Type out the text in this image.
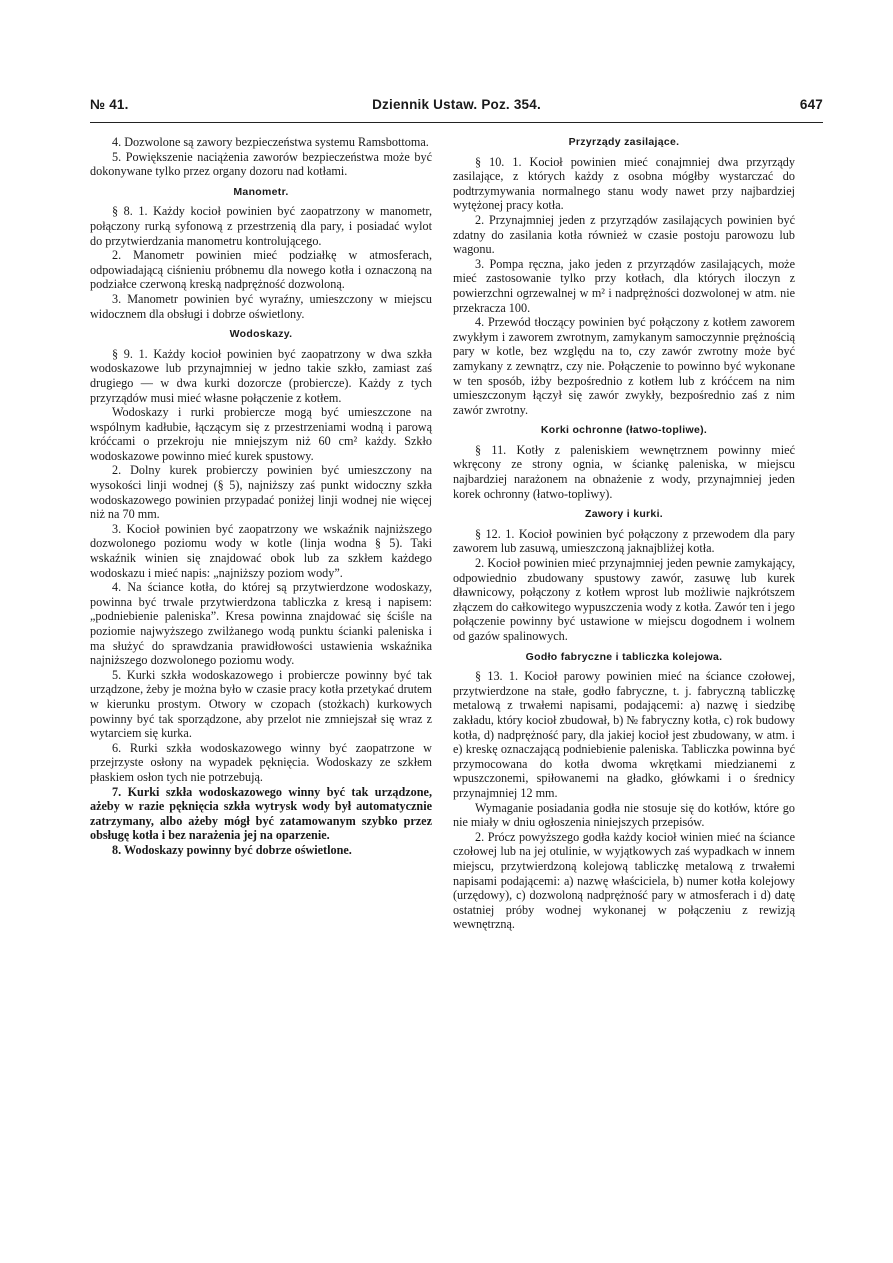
№ 41.	Dziennik Ustaw. Poz. 354.	647

4. Dozwolone są zawory bezpieczeństwa systemu Ramsbottoma.

5. Powiększenie naciążenia zaworów bezpieczeństwa może być dokonywane tylko przez organy dozoru nad kotłami.

Manometr.

§ 8. 1. Każdy kocioł powinien być zaopatrzony w manometr, połączony rurką syfonową z przestrzenią dla pary, i posiadać wylot do przytwierdzania manometru kontrolującego.

2. Manometr powinien mieć podziałkę w atmosferach, odpowiadającą ciśnieniu próbnemu dla nowego kotła i oznaczoną na podziałce czerwoną kreską nadprężność dozwoloną.

3. Manometr powinien być wyraźny, umieszczony w miejscu widocznem dla obsługi i dobrze oświetlony.

Wodoskazy.

§ 9. 1. Każdy kocioł powinien być zaopatrzony w dwa szkła wodoskazowe lub przynajmniej w jedno takie szkło, zamiast zaś drugiego — w dwa kurki dozorcze (probiercze). Każdy z tych przyrządów musi mieć własne połączenie z kotłem.

Wodoskazy i rurki probiercze mogą być umieszczone na wspólnym kadłubie, łączącym się z przestrzeniami wodną i parową króćcami o przekroju nie mniejszym niż 60 cm² każdy. Szkło wodoskazowe powinno mieć kurek spustowy.

2. Dolny kurek probierczy powinien być umieszczony na wysokości linji wodnej (§ 5), najniższy zaś punkt widoczny szkła wodoskazowego powinien przypadać poniżej linji wodnej nie więcej niż na 70 mm.

3. Kocioł powinien być zaopatrzony we wskaźnik najniższego dozwolonego poziomu wody w kotle (linja wodna § 5). Taki wskaźnik winien się znajdować obok lub za szkłem każdego wodoskazu i mieć napis: „najniższy poziom wody”.

4. Na ściance kotła, do której są przytwierdzone wodoskazy, powinna być trwale przytwierdzona tabliczka z kresą i napisem: „podniebienie paleniska”. Kresa powinna znajdować się ściśle na poziomie najwyższego zwilżanego wodą punktu ścianki paleniska i ma służyć do sprawdzania prawidłowości ustawienia wskaźnika najniższego dozwolonego poziomu wody.

5. Kurki szkła wodoskazowego i probiercze powinny być tak urządzone, żeby je można było w czasie pracy kotła przetykać drutem w kierunku prostym. Otwory w czopach (stożkach) kurkowych powinny być tak sporządzone, aby przelot nie zmniejszał się wraz z wytarciem się kurka.

6. Rurki szkła wodoskazowego winny być zaopatrzone w przejrzyste osłony na wypadek pęknięcia. Wodoskazy ze szkłem płaskiem osłon tych nie potrzebują.

7. Kurki szkła wodoskazowego winny być tak urządzone, ażeby w razie pęknięcia szkła wytrysk wody był automatycznie zatrzymany, albo ażeby mógł być zatamowanym szybko przez obsługę kotła i bez narażenia jej na oparzenie.

8. Wodoskazy powinny być dobrze oświetlone.

Przyrządy zasilające.

§ 10. 1. Kocioł powinien mieć conajmniej dwa przyrządy zasilające, z których każdy z osobna mógłby wystarczać do podtrzymywania normalnego stanu wody nawet przy najbardziej wytężonej pracy kotła.

2. Przynajmniej jeden z przyrządów zasilających powinien być zdatny do zasilania kotła również w czasie postoju parowozu lub wagonu.

3. Pompa ręczna, jako jeden z przyrządów zasilających, może mieć zastosowanie tylko przy kotłach, dla których iloczyn z powierzchni ogrzewalnej w m² i nadprężności dozwolonej w atm. nie przekracza 100.

4. Przewód tłoczący powinien być połączony z kotłem zaworem zwykłym i zaworem zwrotnym, zamykanym samoczynnie prężnością pary w kotle, bez względu na to, czy zawór zwrotny może być zamykany z zewnątrz, czy nie. Połączenie to powinno być wykonane w ten sposób, iżby bezpośrednio z kotłem lub z króćcem na nim umieszczonym łączył się zawór zwykły, bezpośrednio zaś z nim zawór zwrotny.

Korki ochronne (łatwo-topliwe).

§ 11. Kotły z paleniskiem wewnętrznem powinny mieć wkręcony ze strony ognia, w ściankę paleniska, w miejscu najbardziej narażonem na obnażenie z wody, przynajmniej jeden korek ochronny (łatwo-topliwy).

Zawory i kurki.

§ 12. 1. Kocioł powinien być połączony z przewodem dla pary zaworem lub zasuwą, umieszczoną jaknajbliżej kotła.

2. Kocioł powinien mieć przynajmniej jeden pewnie zamykający, odpowiednio zbudowany spustowy zawór, zasuwę lub kurek dławnicowy, połączony z kotłem wprost lub możliwie najkrótszem złączem do całkowitego wypuszczenia wody z kotła. Zawór ten i jego połączenie powinny być ustawione w miejscu dogodnem i wolnem od gazów spalinowych.

Godło fabryczne i tabliczka kolejowa.

§ 13. 1. Kocioł parowy powinien mieć na ściance czołowej, przytwierdzone na stałe, godło fabryczne, t. j. fabryczną tabliczkę metalową z trwałemi napisami, podającemi: a) nazwę i siedzibę zakładu, który kocioł zbudował, b) № fabryczny kotła, c) rok budowy kotła, d) nadprężność pary, dla jakiej kocioł jest zbudowany, w atm. i e) kreskę oznaczającą podniebienie paleniska. Tabliczka powinna być przymocowana do kotła dwoma wkrętkami miedzianemi z wpuszczonemi, spiłowanemi na gładko, główkami i o średnicy przynajmniej 12 mm.

Wymaganie posiadania godła nie stosuje się do kotłów, które go nie miały w dniu ogłoszenia niniejszych przepisów.

2. Prócz powyższego godła każdy kocioł winien mieć na ściance czołowej lub na jej otulinie, w wyjątkowych zaś wypadkach w innem miejscu, przytwierdzoną kolejową tabliczkę metalową z trwałemi napisami podającemi: a) nazwę właściciela, b) numer kotła kolejowy (urzędowy), c) dozwoloną nadprężność pary w atmosferach i d) datę ostatniej próby wodnej wykonanej w połączeniu z rewizją wewnętrzną.
